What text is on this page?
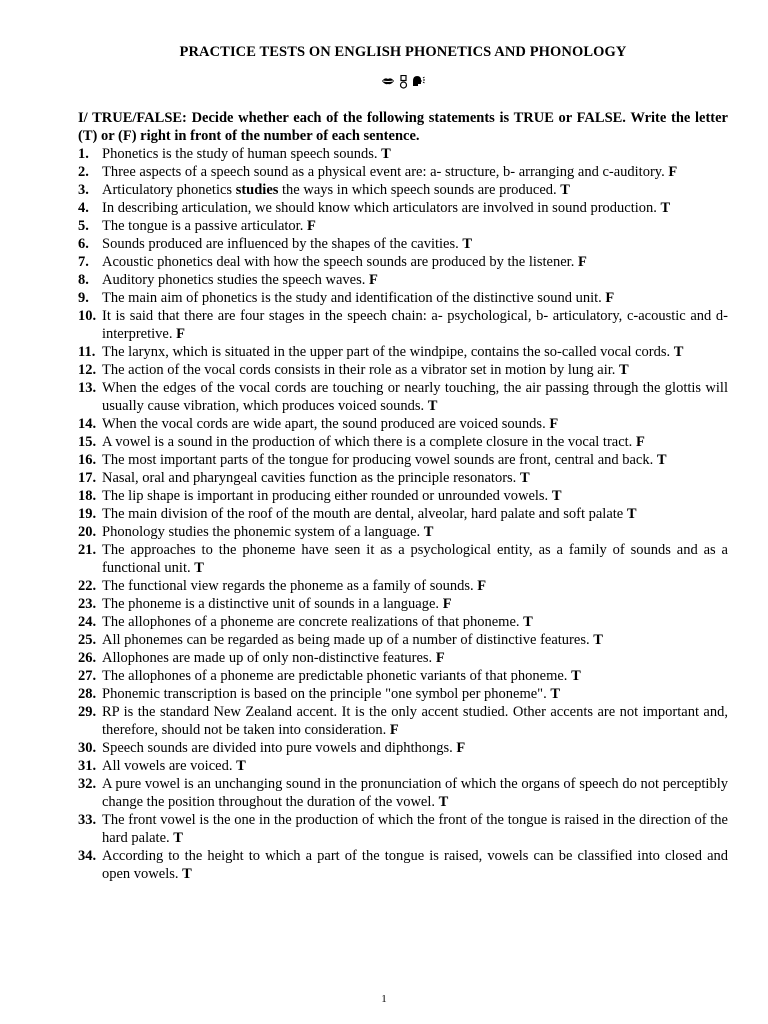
PRACTICE TESTS ON ENGLISH PHONETICS AND PHONOLOGY
I/ TRUE/FALSE: Decide whether each of the following statements is TRUE or FALSE. Write the letter (T) or (F) right in front of the number of each sentence.
1. Phonetics is the study of human speech sounds. T
2. Three aspects of a speech sound as a physical event are: a- structure, b- arranging and c-auditory. F
3. Articulatory phonetics studies the ways in which speech sounds are produced. T
4. In describing articulation, we should know which articulators are involved in sound production. T
5. The tongue is a passive articulator. F
6. Sounds produced are influenced by the shapes of the cavities. T
7. Acoustic phonetics deal with how the speech sounds are produced by the listener. F
8. Auditory phonetics studies the speech waves. F
9. The main aim of phonetics is the study and identification of the distinctive sound unit. F
10. It is said that there are four stages in the speech chain: a- psychological, b- articulatory, c-acoustic and d- interpretive. F
11. The larynx, which is situated in the upper part of the windpipe, contains the so-called vocal cords. T
12. The action of the vocal cords consists in their role as a vibrator set in motion by lung air. T
13. When the edges of the vocal cords are touching or nearly touching, the air passing through the glottis will usually cause vibration, which produces voiced sounds. T
14. When the vocal cords are wide apart, the sound produced are voiced sounds. F
15. A vowel is a sound in the production of which there is a complete closure in the vocal tract. F
16. The most important parts of the tongue for producing vowel sounds are front, central and back. T
17. Nasal, oral and pharyngeal cavities function as the principle resonators. T
18. The lip shape is important in producing either rounded or unrounded vowels. T
19. The main division of the roof of the mouth are dental, alveolar, hard palate and soft palate T
20. Phonology studies the phonemic system of a language. T
21. The approaches to the phoneme have seen it as a psychological entity, as a family of sounds and as a functional unit. T
22. The functional view regards the phoneme as a family of sounds. F
23. The phoneme is a distinctive unit of sounds in a language. F
24. The allophones of a phoneme are concrete realizations of that phoneme. T
25. All phonemes can be regarded as being made up of a number of distinctive features. T
26. Allophones are made up of only non-distinctive features. F
27. The allophones of a phoneme are predictable phonetic variants of that phoneme. T
28. Phonemic transcription is based on the principle "one symbol per phoneme". T
29. RP is the standard New Zealand accent. It is the only accent studied. Other accents are not important and, therefore, should not be taken into consideration. F
30. Speech sounds are divided into pure vowels and diphthongs. F
31. All vowels are voiced. T
32. A pure vowel is an unchanging sound in the pronunciation of which the organs of speech do not perceptibly change the position throughout the duration of the vowel. T
33. The front vowel is the one in the production of which the front of the tongue is raised in the direction of the hard palate. T
34. According to the height to which a part of the tongue is raised, vowels can be classified into closed and open vowels. T
1
